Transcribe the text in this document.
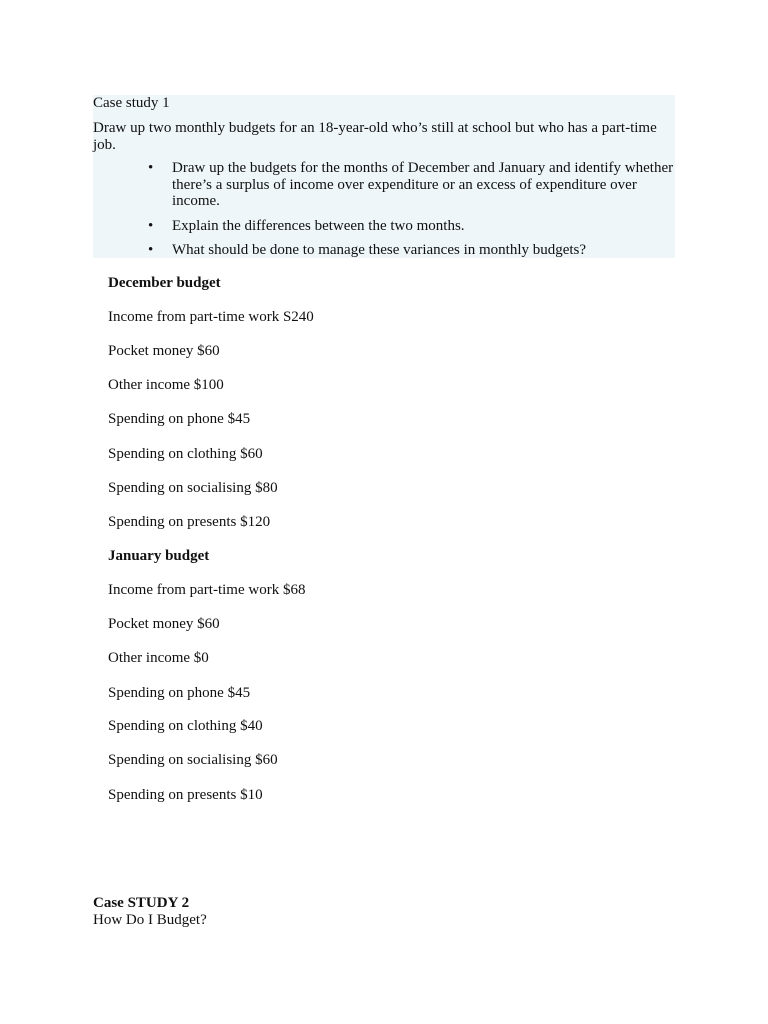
Case study 1
Draw up two monthly budgets for an 18-year-old who’s still at school but who has a part-time job.
• Draw up the budgets for the months of December and January and identify whether there’s a surplus of income over expenditure or an excess of expenditure over income.
• Explain the differences between the two months.
• What should be done to manage these variances in monthly budgets?

December budget

Income from part-time work S240

Pocket money $60

Other income $100

Spending on phone $45

Spending on clothing $60

Spending on socialising $80

Spending on presents $120

January budget

Income from part-time work $68

Pocket money $60

Other income $0

Spending on phone $45

Spending on clothing $40

Spending on socialising $60

Spending on presents $10

Case STUDY 2
How Do I Budget?
